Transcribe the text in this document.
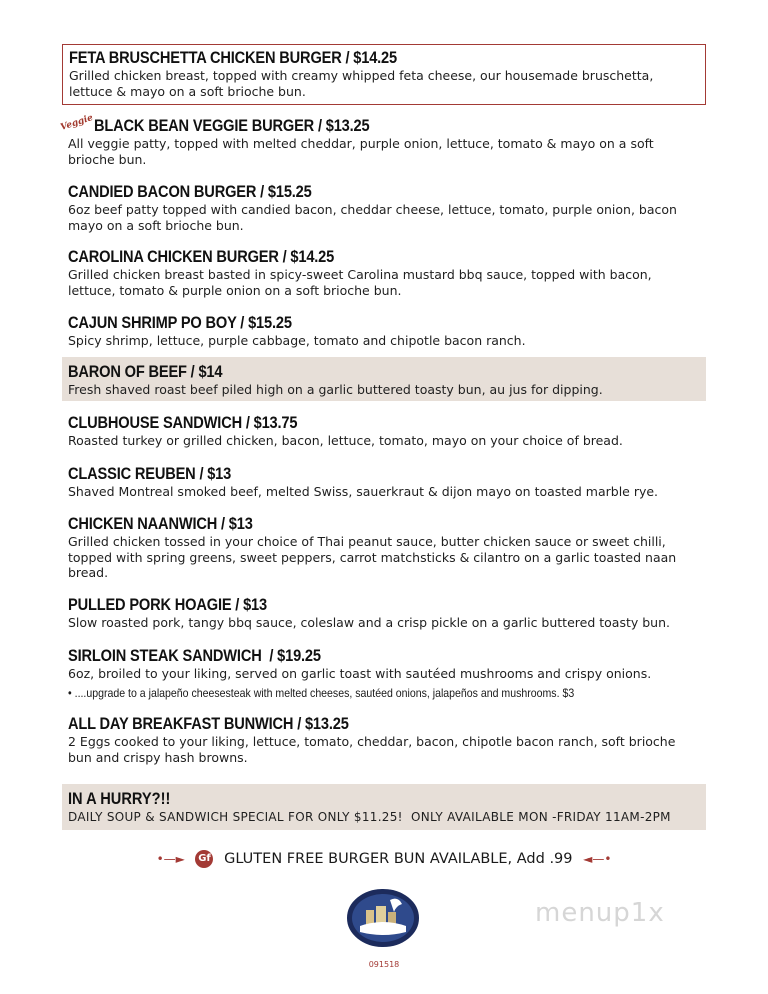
FETA BRUSCHETTA CHICKEN BURGER / $14.25
Grilled chicken breast, topped with creamy whipped feta cheese, our housemade bruschetta, lettuce & mayo on a soft brioche bun.
Veggie BLACK BEAN VEGGIE BURGER / $13.25
All veggie patty, topped with melted cheddar, purple onion, lettuce, tomato & mayo on a soft brioche bun.
CANDIED BACON BURGER / $15.25
6oz beef patty topped with candied bacon, cheddar cheese, lettuce, tomato, purple onion, bacon mayo on a soft brioche bun.
CAROLINA CHICKEN BURGER / $14.25
Grilled chicken breast basted in spicy-sweet Carolina mustard bbq sauce, topped with bacon, lettuce, tomato & purple onion on a soft brioche bun.
CAJUN SHRIMP PO BOY / $15.25
Spicy shrimp, lettuce, purple cabbage, tomato and chipotle bacon ranch.
BARON OF BEEF / $14
Fresh shaved roast beef piled high on a garlic buttered toasty bun, au jus for dipping.
CLUBHOUSE SANDWICH / $13.75
Roasted turkey or grilled chicken, bacon, lettuce, tomato, mayo on your choice of bread.
CLASSIC REUBEN / $13
Shaved Montreal smoked beef, melted Swiss, sauerkraut & dijon mayo on toasted marble rye.
CHICKEN NAANWICH / $13
Grilled chicken tossed in your choice of Thai peanut sauce, butter chicken sauce or sweet chilli, topped with spring greens, sweet peppers, carrot matchsticks & cilantro on a garlic toasted naan bread.
PULLED PORK HOAGIE / $13
Slow roasted pork, tangy bbq sauce, coleslaw and a crisp pickle on a garlic buttered toasty bun.
SIRLOIN STEAK SANDWICH  / $19.25
6oz, broiled to your liking, served on garlic toast with sautéed mushrooms and crispy onions.
• ....upgrade to a jalapeño cheesesteak with melted cheeses, sautéed onions, jalapeños and mushrooms. $3
ALL DAY BREAKFAST BUNWICH / $13.25
2 Eggs cooked to your liking, lettuce, tomato, cheddar, bacon, chipotle bacon ranch, soft brioche bun and crispy hash browns.
IN A HURRY?!!
DAILY SOUP & SANDWICH SPECIAL FOR ONLY $11.25!  ONLY AVAILABLE MON -FRIDAY 11AM-2PM
•—► Gf GLUTEN FREE BURGER BUN AVAILABLE, Add .99 ◄—•
091518
menup1x
